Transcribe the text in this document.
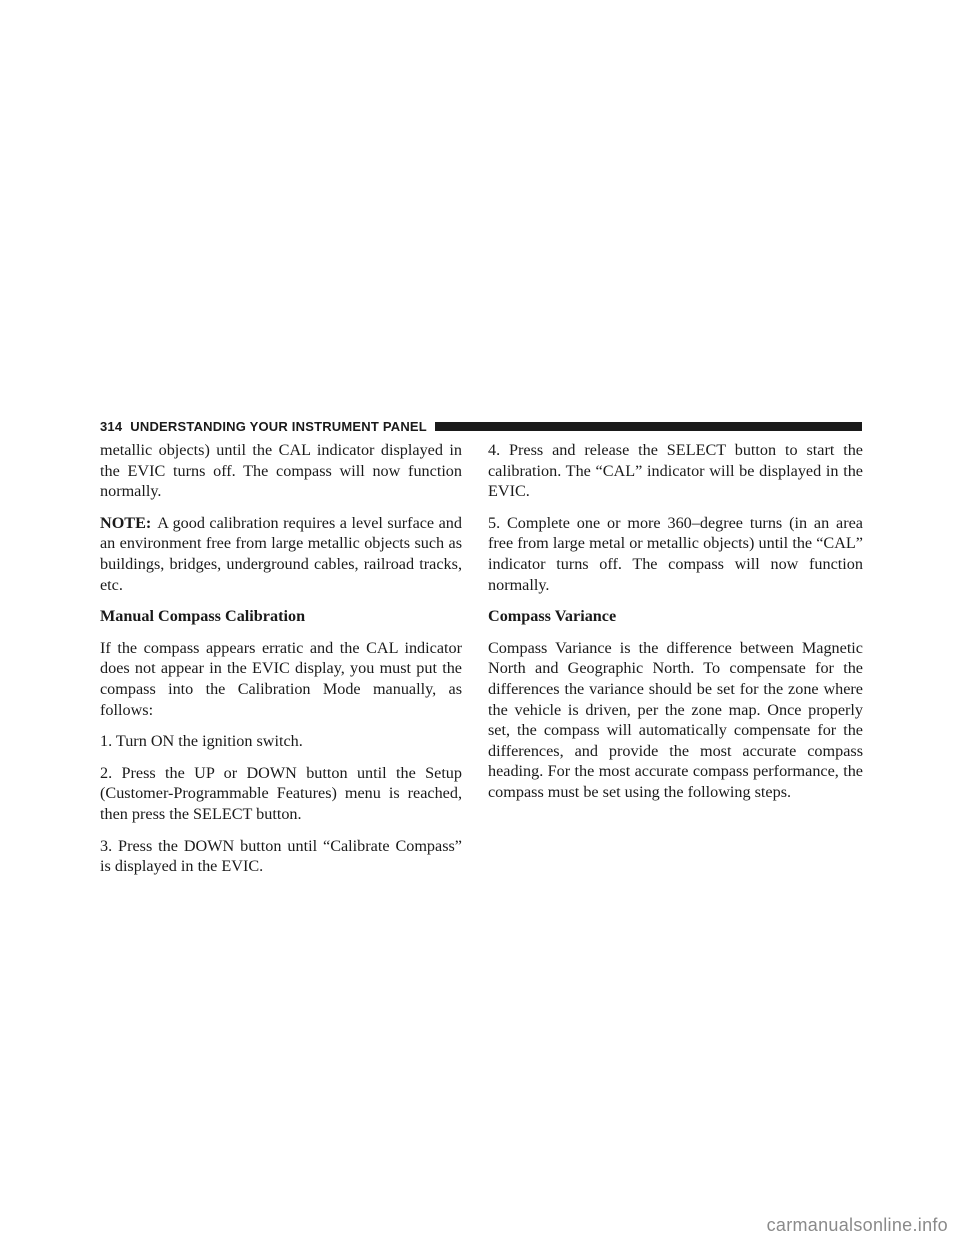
314 UNDERSTANDING YOUR INSTRUMENT PANEL

metallic objects) until the CAL indicator displayed in the EVIC turns off. The compass will now function normally.

NOTE: A good calibration requires a level surface and an environment free from large metallic objects such as buildings, bridges, underground cables, railroad tracks, etc.

Manual Compass Calibration

If the compass appears erratic and the CAL indicator does not appear in the EVIC display, you must put the compass into the Calibration Mode manually, as follows:

1. Turn ON the ignition switch.

2. Press the UP or DOWN button until the Setup (Customer-Programmable Features) menu is reached, then press the SELECT button.

3. Press the DOWN button until “Calibrate Compass” is displayed in the EVIC.

4. Press and release the SELECT button to start the calibration. The “CAL” indicator will be displayed in the EVIC.

5. Complete one or more 360–degree turns (in an area free from large metal or metallic objects) until the “CAL” indicator turns off. The compass will now function normally.

Compass Variance

Compass Variance is the difference between Magnetic North and Geographic North. To compensate for the differences the variance should be set for the zone where the vehicle is driven, per the zone map. Once properly set, the compass will automatically compensate for the differences, and provide the most accurate compass heading. For the most accurate compass performance, the compass must be set using the following steps.

carmanualsonline.info
